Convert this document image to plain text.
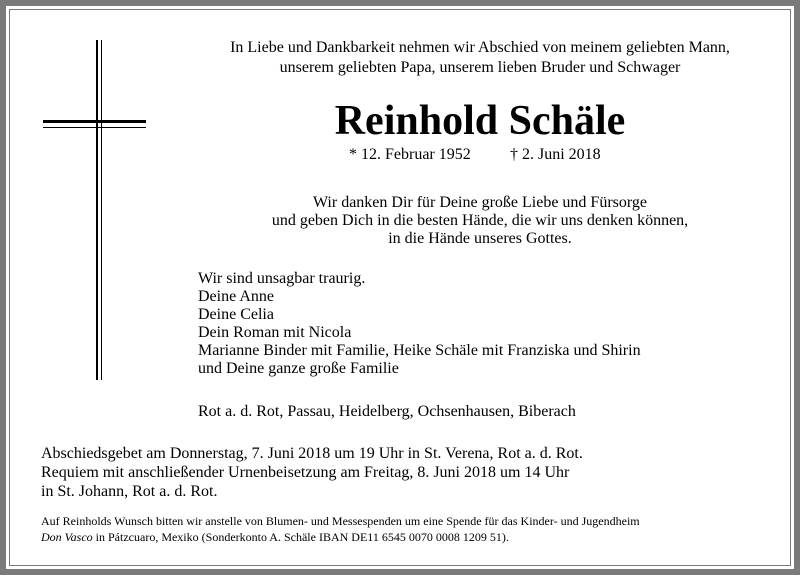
In Liebe und Dankbarkeit nehmen wir Abschied von meinem geliebten Mann,
unserem geliebten Papa, unserem lieben Bruder und Schwager
Reinhold Schäle
* 12. Februar 1952 † 2. Juni 2018
Wir danken Dir für Deine große Liebe und Fürsorge
und geben Dich in die besten Hände, die wir uns denken können,
in die Hände unseres Gottes.
Wir sind unsagbar traurig.
Deine Anne
Deine Celia
Dein Roman mit Nicola
Marianne Binder mit Familie, Heike Schäle mit Franziska und Shirin
und Deine ganze große Familie
Rot a. d. Rot, Passau, Heidelberg, Ochsenhausen, Biberach
Abschiedsgebet am Donnerstag, 7. Juni 2018 um 19 Uhr in St. Verena, Rot a. d. Rot.
Requiem mit anschließender Urnenbeisetzung am Freitag, 8. Juni 2018 um 14 Uhr
in St. Johann, Rot a. d. Rot.
Auf Reinholds Wunsch bitten wir anstelle von Blumen- und Messespenden um eine Spende für das Kinder- und Jugendheim
Don Vasco in Pátzcuaro, Mexiko (Sonderkonto A. Schäle IBAN DE11 6545 0070 0008 1209 51).
